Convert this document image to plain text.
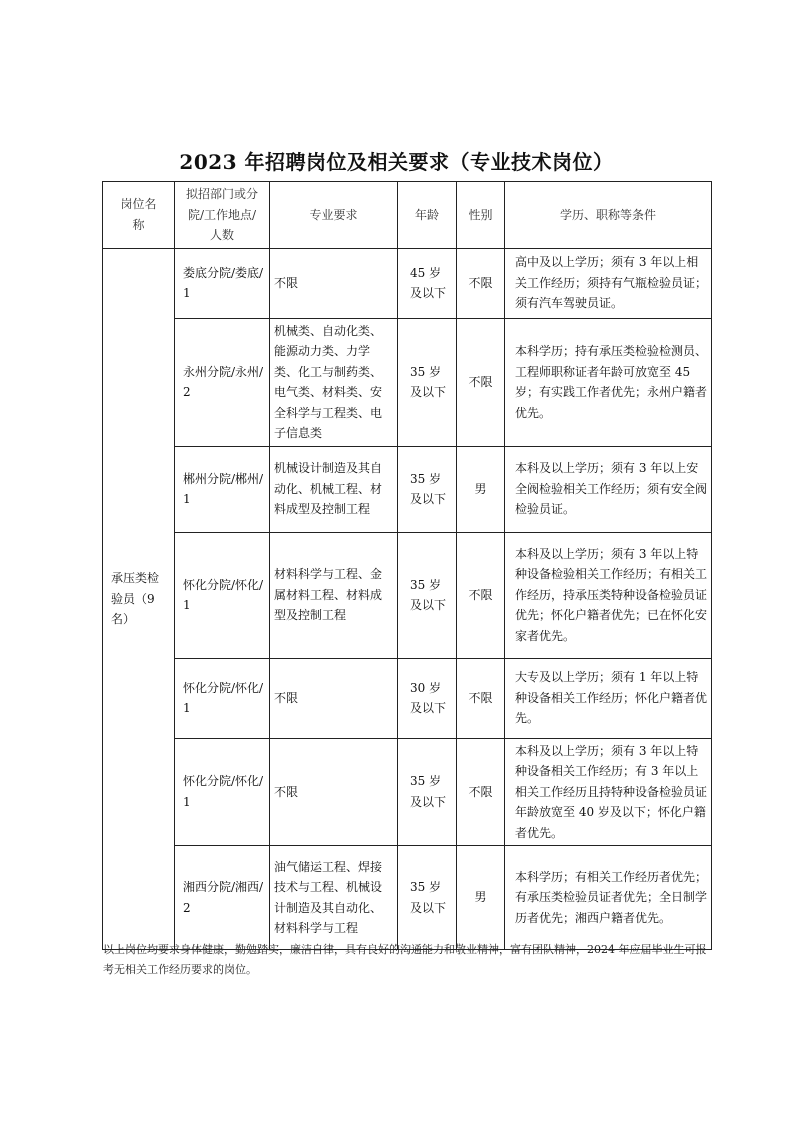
2023 年招聘岗位及相关要求（专业技术岗位）
岗位名称	拟招部门或分院/工作地点/人数	专业要求	年龄	性别	学历、职称等条件
承压类检验员（9 名）	娄底分院/娄底/1	不限	45 岁及以下	不限	高中及以上学历；须有 3 年以上相关工作经历；须持有气瓶检验员证；须有汽车驾驶员证。
	永州分院/永州/2	机械类、自动化类、能源动力类、力学类、化工与制药类、电气类、材料类、安全科学与工程类、电子信息类	35 岁及以下	不限	本科学历；持有承压类检验检测员、工程师职称证者年龄可放宽至 45 岁；有实践工作者优先；永州户籍者优先。
	郴州分院/郴州/1	机械设计制造及其自动化、机械工程、材料成型及控制工程	35 岁及以下	男	本科及以上学历；须有 3 年以上安全阀检验相关工作经历；须有安全阀检验员证。
	怀化分院/怀化/1	材料科学与工程、金属材料工程、材料成型及控制工程	35 岁及以下	不限	本科及以上学历；须有 3 年以上特种设备检验相关工作经历；有相关工作经历，持承压类特种设备检验员证优先；怀化户籍者优先；已在怀化安家者优先。
	怀化分院/怀化/1	不限	30 岁及以下	不限	大专及以上学历；须有 1 年以上特种设备相关工作经历；怀化户籍者优先。
	怀化分院/怀化/1	不限	35 岁及以下	不限	本科及以上学历；须有 3 年以上特种设备相关工作经历；有 3 年以上相关工作经历且持特种设备检验员证年龄放宽至 40 岁及以下；怀化户籍者优先。
	湘西分院/湘西/2	油气储运工程、焊接技术与工程、机械设计制造及其自动化、材料科学与工程	35 岁及以下	男	本科学历；有相关工作经历者优先；有承压类检验员证者优先；全日制学历者优先；湘西户籍者优先。
以上岗位均要求身体健康，勤勉踏实，廉洁自律，具有良好的沟通能力和敬业精神，富有团队精神，2024 年应届毕业生可报考无相关工作经历要求的岗位。
